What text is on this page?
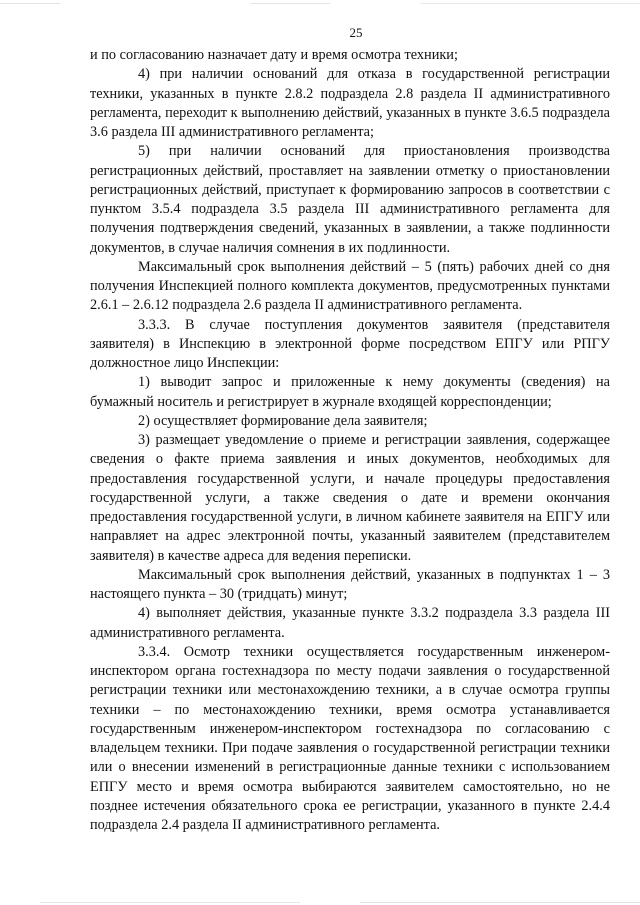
25

и по согласованию назначает дату и время осмотра техники;

4) при наличии оснований для отказа в государственной регистрации техники, указанных в пункте 2.8.2 подраздела 2.8 раздела II административного регламента, переходит к выполнению действий, указанных в пункте 3.6.5 подраздела 3.6 раздела III административного регламента;

5) при наличии оснований для приостановления производства регистрационных действий, проставляет на заявлении отметку о приостановлении регистрационных действий, приступает к формированию запросов в соответствии с пунктом 3.5.4 подраздела 3.5 раздела III административного регламента для получения подтверждения сведений, указанных в заявлении, а также подлинности документов, в случае наличия сомнения в их подлинности.

Максимальный срок выполнения действий – 5 (пять) рабочих дней со дня получения Инспекцией полного комплекта документов, предусмотренных пунктами 2.6.1 – 2.6.12 подраздела 2.6 раздела II административного регламента.

3.3.3. В случае поступления документов заявителя (представителя заявителя) в Инспекцию в электронной форме посредством ЕПГУ или РПГУ должностное лицо Инспекции:

1) выводит запрос и приложенные к нему документы (сведения) на бумажный носитель и регистрирует в журнале входящей корреспонденции;

2) осуществляет формирование дела заявителя;

3) размещает уведомление о приеме и регистрации заявления, содержащее сведения о факте приема заявления и иных документов, необходимых для предоставления государственной услуги, и начале процедуры предоставления государственной услуги, а также сведения о дате и времени окончания предоставления государственной услуги, в личном кабинете заявителя на ЕПГУ или направляет на адрес электронной почты, указанный заявителем (представителем заявителя) в качестве адреса для ведения переписки.

Максимальный срок выполнения действий, указанных в подпунктах 1 – 3 настоящего пункта – 30 (тридцать) минут;

4) выполняет действия, указанные пункте 3.3.2 подраздела 3.3 раздела III административного регламента.

3.3.4. Осмотр техники осуществляется государственным инженером-инспектором органа гостехнадзора по месту подачи заявления о государственной регистрации техники или местонахождению техники, а в случае осмотра группы техники – по местонахождению техники, время осмотра устанавливается государственным инженером-инспектором гостехнадзора по согласованию с владельцем техники. При подаче заявления о государственной регистрации техники или о внесении изменений в регистрационные данные техники с использованием ЕПГУ место и время осмотра выбираются заявителем самостоятельно, но не позднее истечения обязательного срока ее регистрации, указанного в пункте 2.4.4 подраздела 2.4 раздела II административного регламента.
